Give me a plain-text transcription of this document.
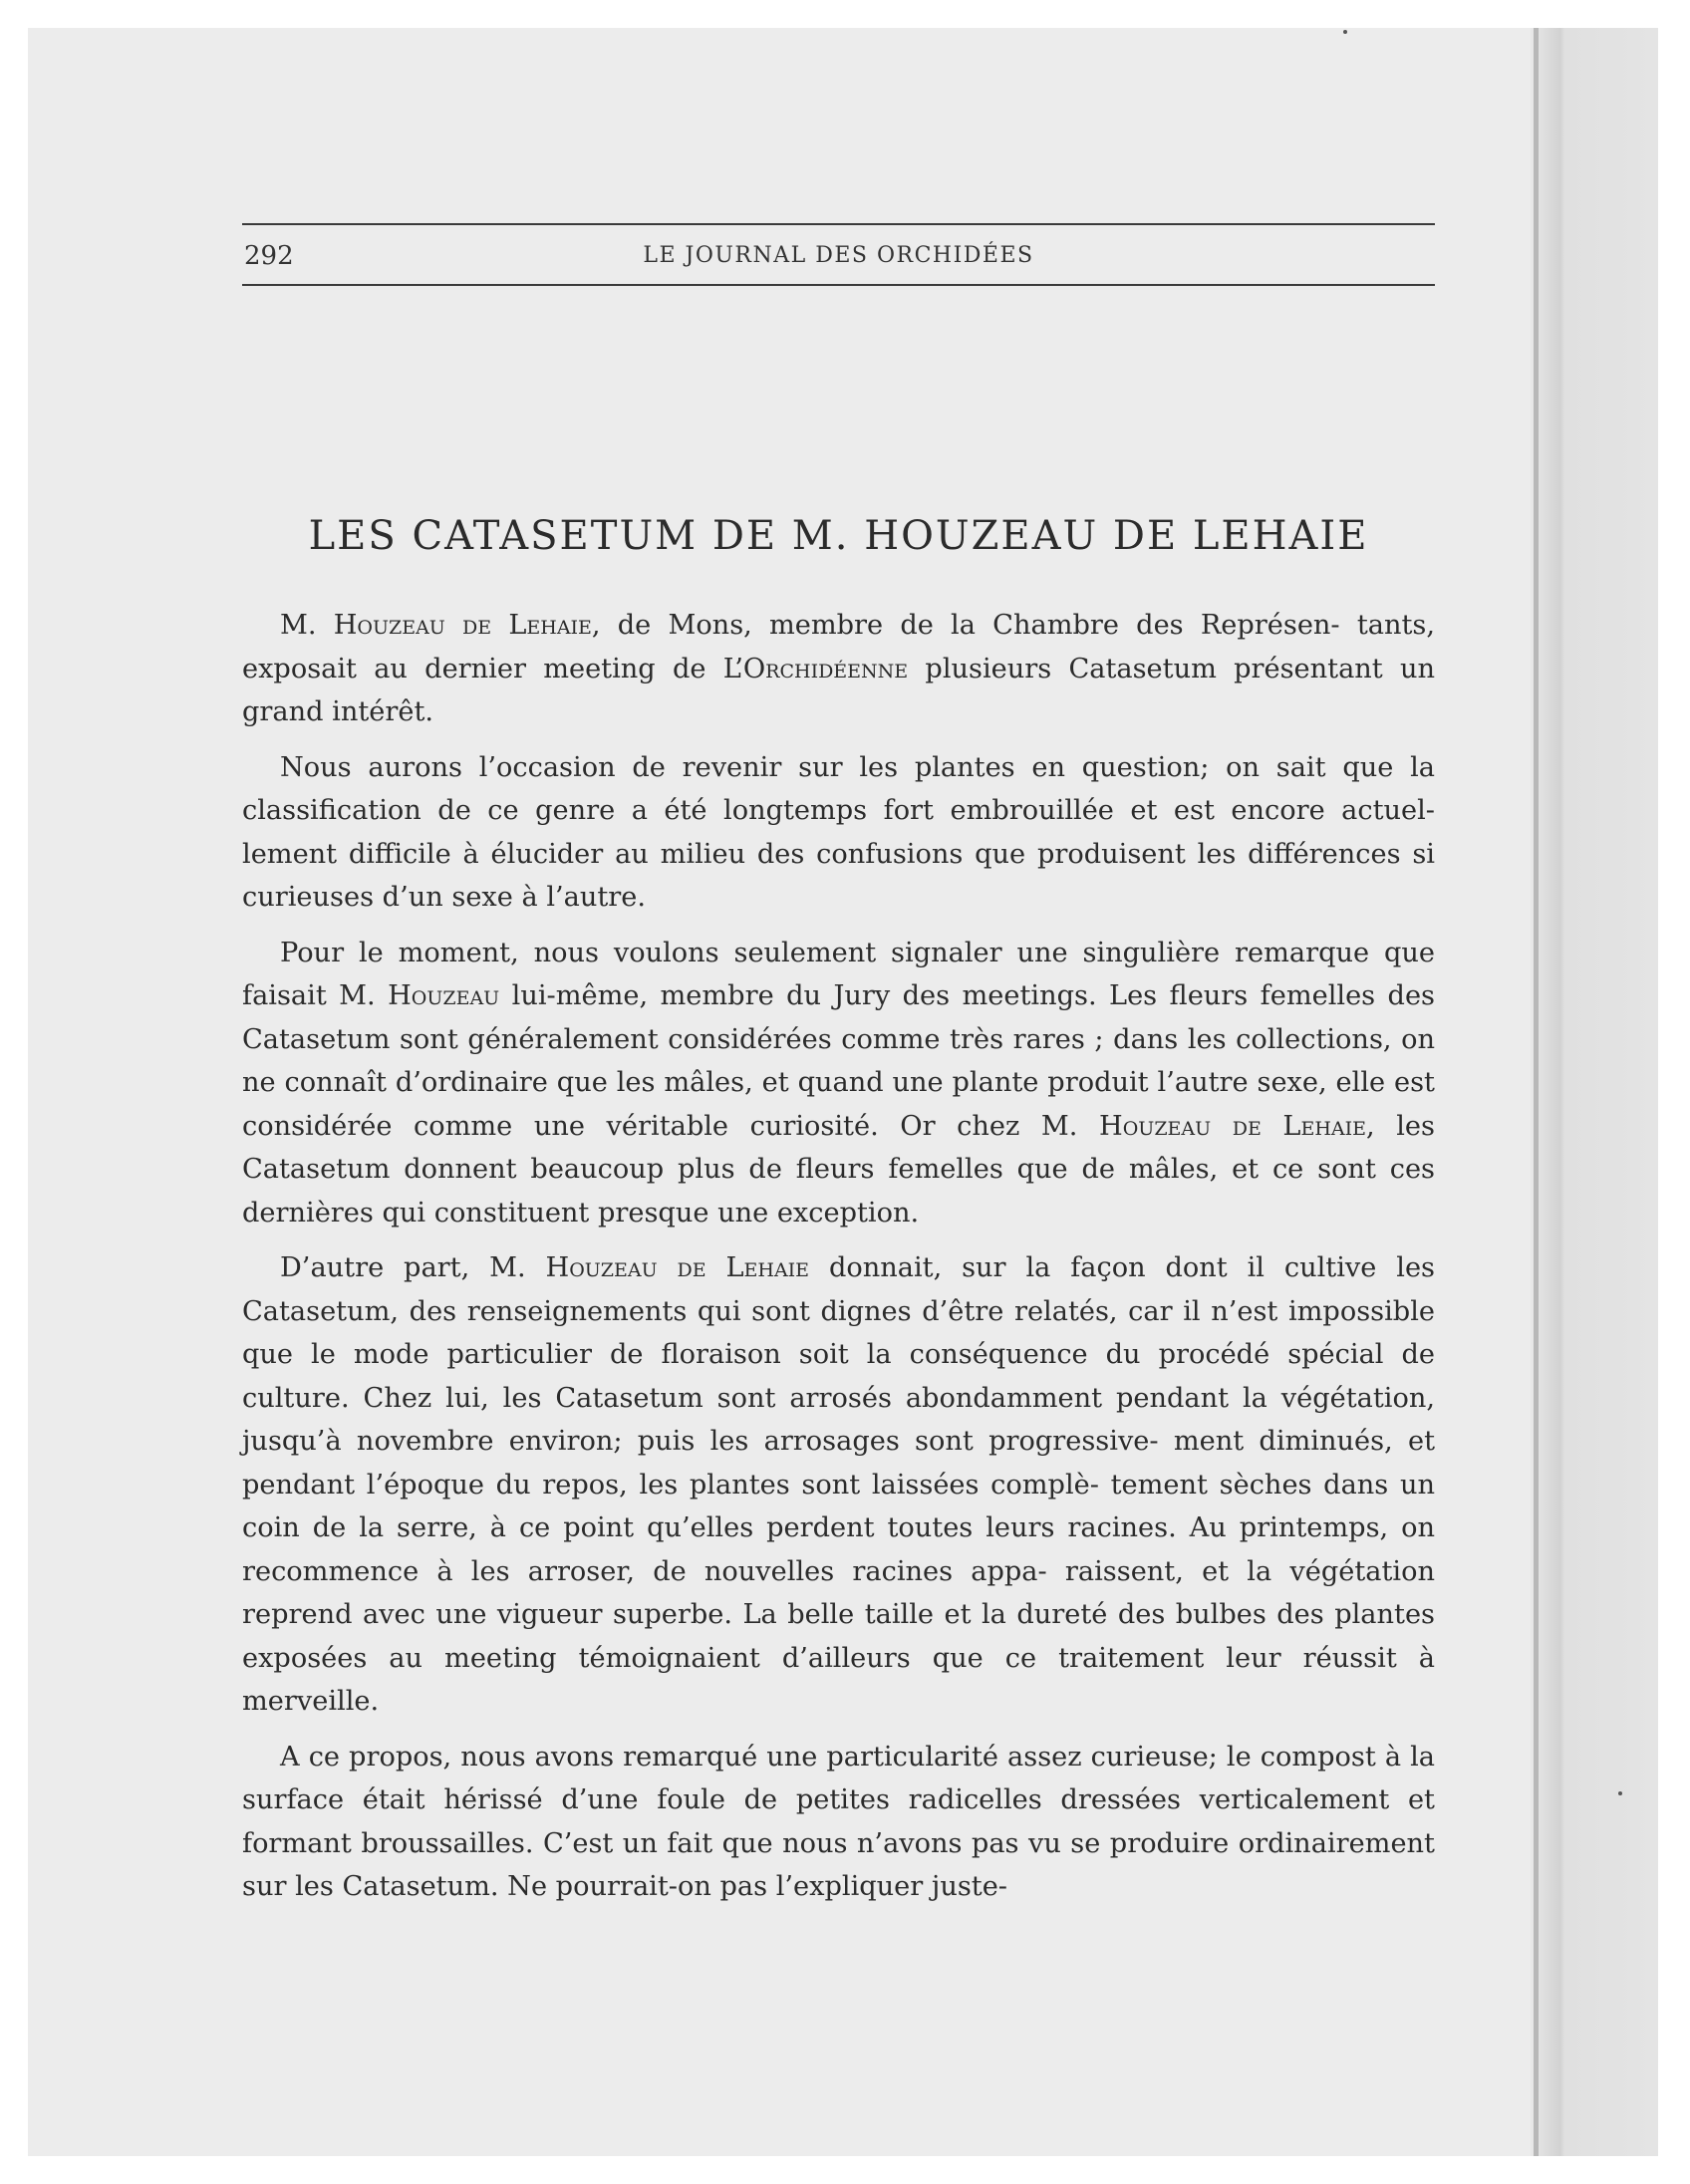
292	LE JOURNAL DES ORCHIDÉES
LES CATASETUM DE M. HOUZEAU DE LEHAIE

M. Houzeau de Lehaie, de Mons, membre de la Chambre des Représen- tants, exposait au dernier meeting de L’Orchidéenne plusieurs Catasetum présentant un grand intérêt.

Nous aurons l’occasion de revenir sur les plantes en question; on sait que la classification de ce genre a été longtemps fort embrouillée et est encore actuel- lement difficile à élucider au milieu des confusions que produisent les différences si curieuses d’un sexe à l’autre.

Pour le moment, nous voulons seulement signaler une singulière remarque que faisait M. Houzeau lui-même, membre du Jury des meetings. Les fleurs femelles des Catasetum sont généralement considérées comme très rares ; dans les collections, on ne connaît d’ordinaire que les mâles, et quand une plante produit l’autre sexe, elle est considérée comme une véritable curiosité. Or chez M. Houzeau de Lehaie, les Catasetum donnent beaucoup plus de fleurs femelles que de mâles, et ce sont ces dernières qui constituent presque une exception.

D’autre part, M. Houzeau de Lehaie donnait, sur la façon dont il cultive les Catasetum, des renseignements qui sont dignes d’être relatés, car il n’est impossible que le mode particulier de floraison soit la conséquence du procédé spécial de culture. Chez lui, les Catasetum sont arrosés abondamment pendant la végétation, jusqu’à novembre environ; puis les arrosages sont progressive- ment diminués, et pendant l’époque du repos, les plantes sont laissées complè- tement sèches dans un coin de la serre, à ce point qu’elles perdent toutes leurs racines. Au printemps, on recommence à les arroser, de nouvelles racines appa- raissent, et la végétation reprend avec une vigueur superbe. La belle taille et la dureté des bulbes des plantes exposées au meeting témoignaient d’ailleurs que ce traitement leur réussit à merveille.

A ce propos, nous avons remarqué une particularité assez curieuse; le compost à la surface était hérissé d’une foule de petites radicelles dressées verticalement et formant broussailles. C’est un fait que nous n’avons pas vu se produire ordinairement sur les Catasetum. Ne pourrait-on pas l’expliquer juste-
